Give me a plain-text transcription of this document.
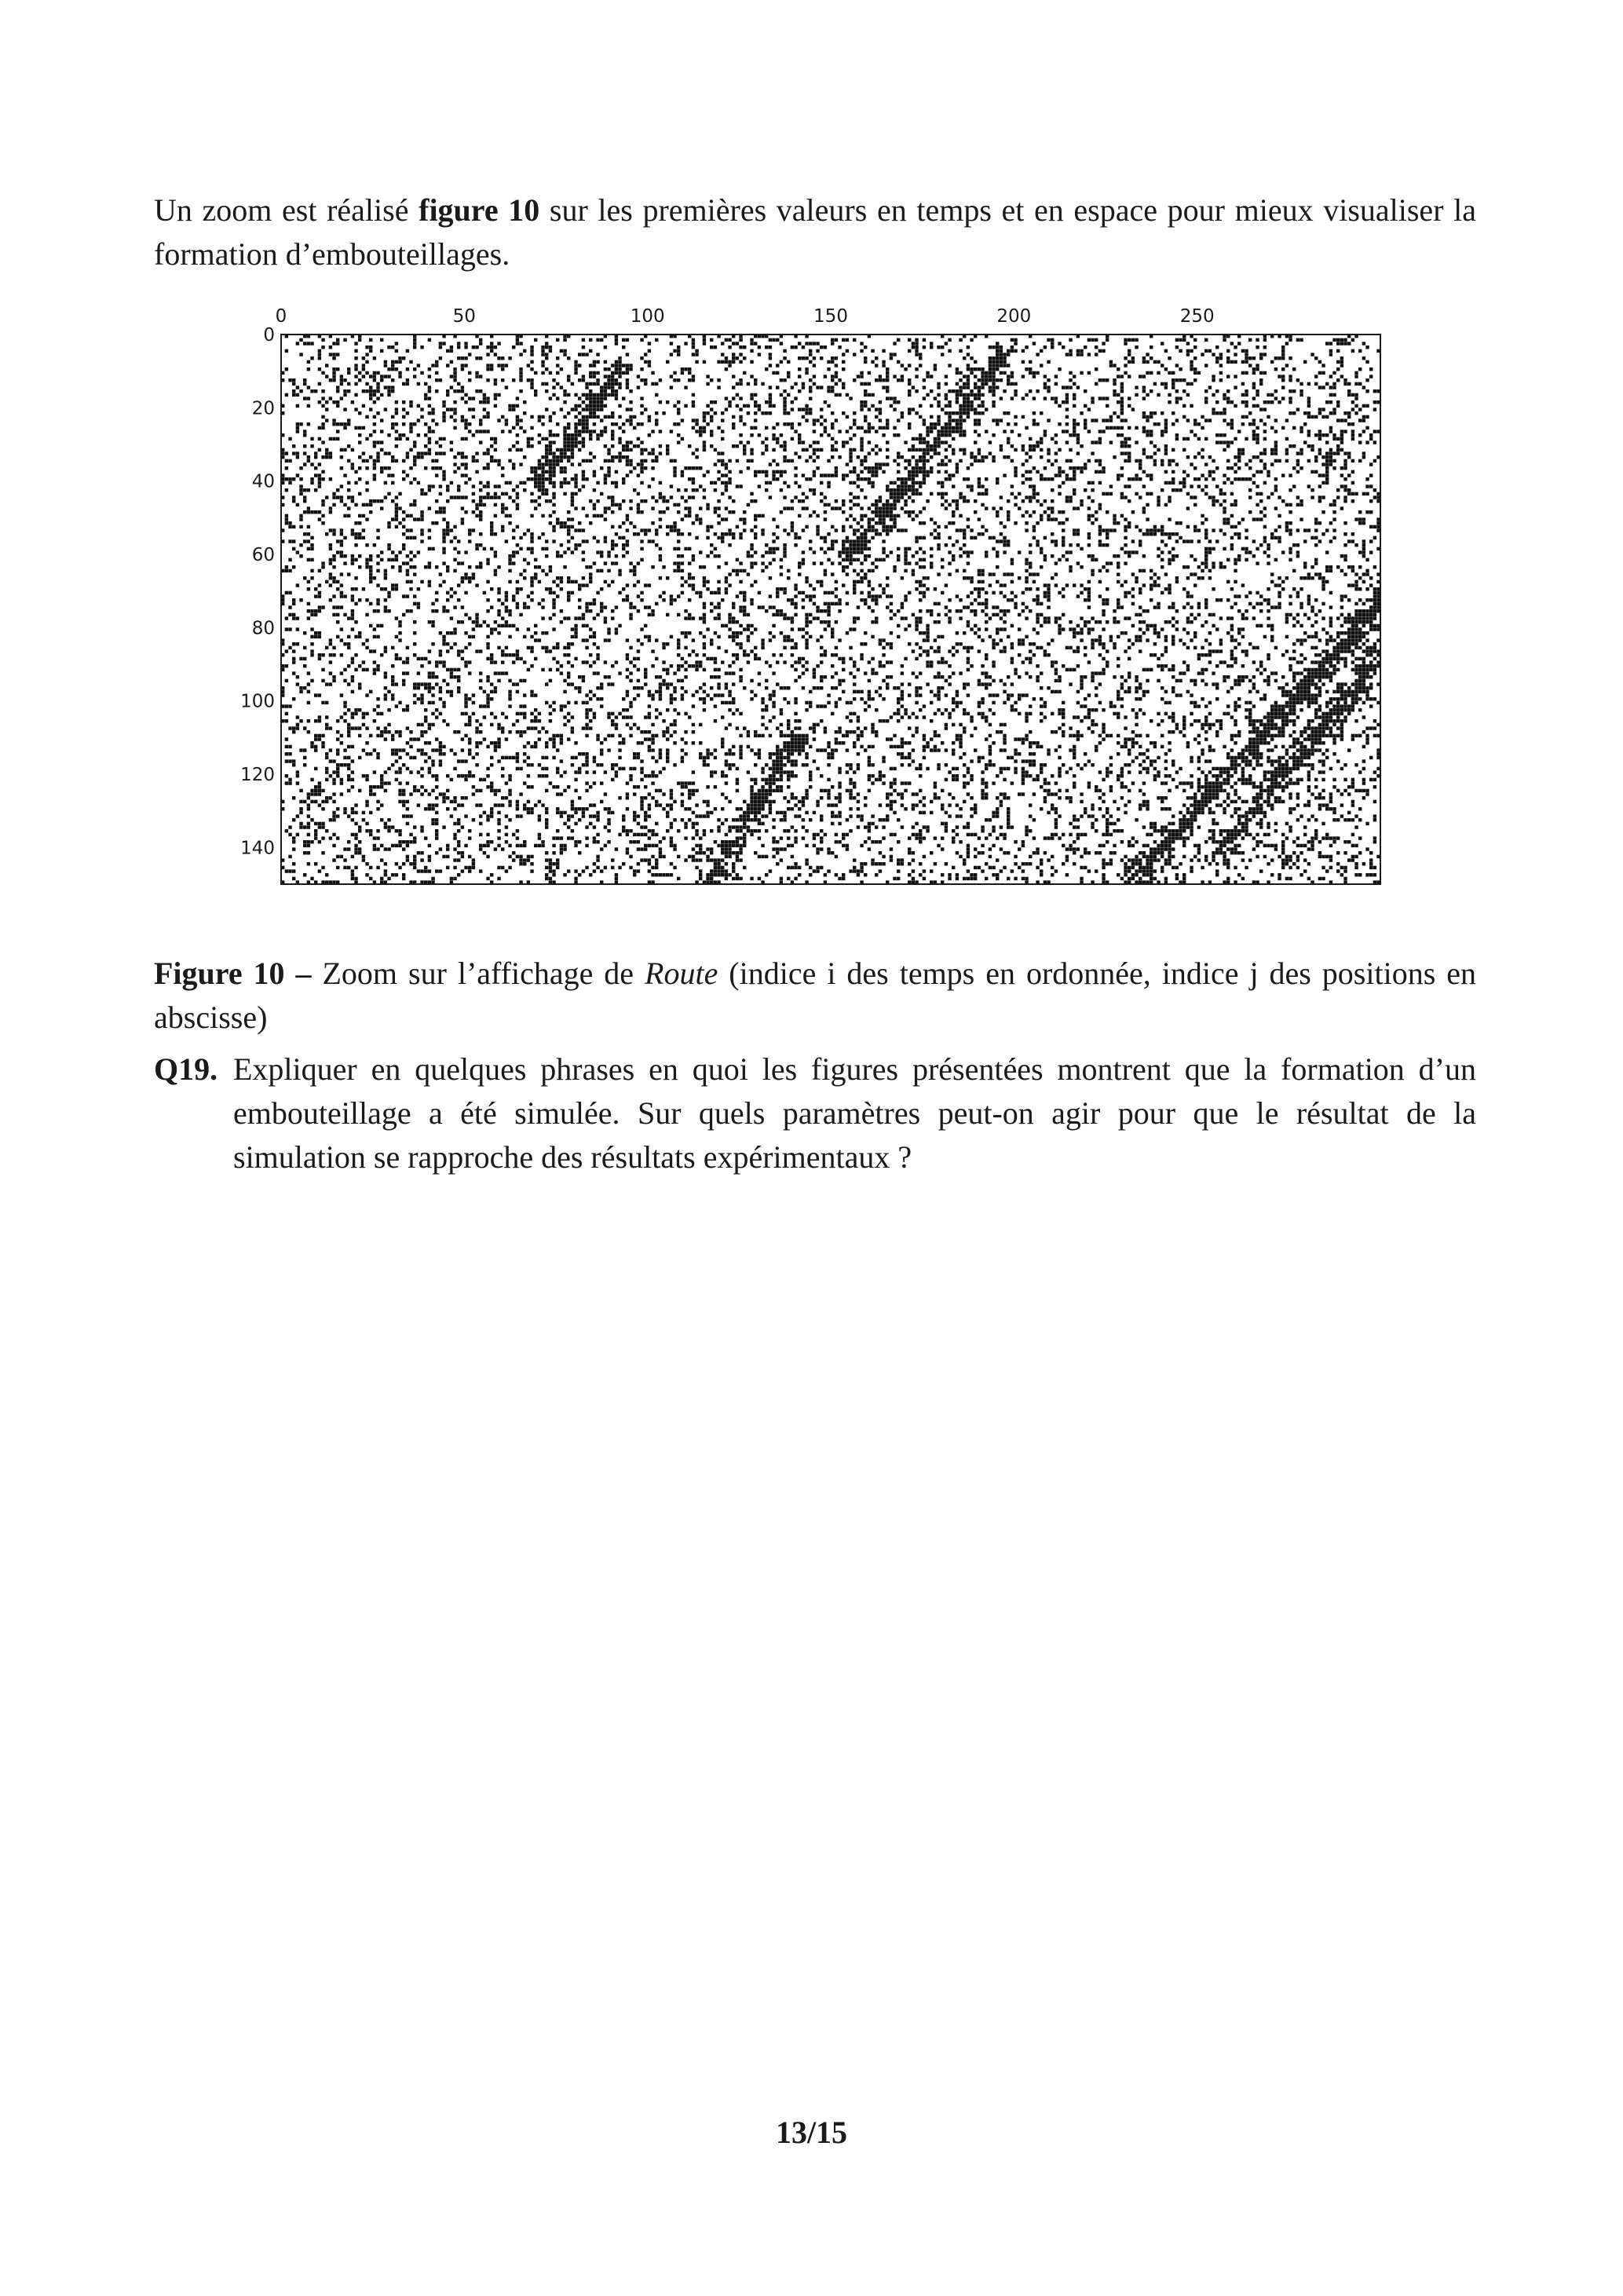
Un zoom est réalisé figure 10 sur les premières valeurs en temps et en espace pour mieux visualiser la formation d’embouteillages.

0	50	100	150	200	250
0
20
40
60
80
100
120
140

Figure 10 – Zoom sur l’affichage de Route (indice i des temps en ordonnée, indice j des positions en abscisse)

Q19. Expliquer en quelques phrases en quoi les figures présentées montrent que la formation d’un embouteillage a été simulée. Sur quels paramètres peut-on agir pour que le résultat de la simulation se rapproche des résultats expérimentaux ?
13/15
